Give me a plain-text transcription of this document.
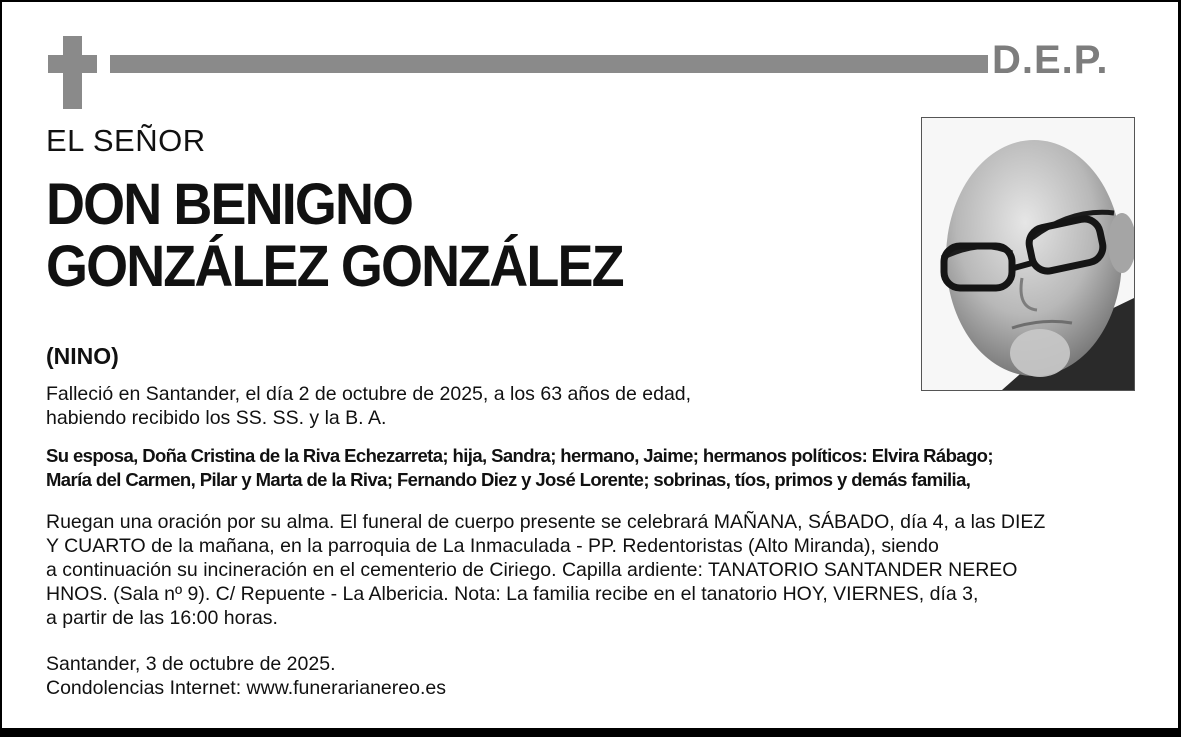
D.E.P.
EL SEÑOR
DON BENIGNO
GONZÁLEZ GONZÁLEZ
(NINO)
Falleció en Santander, el día 2 de octubre de 2025, a los 63 años de edad,
habiendo recibido los SS. SS. y la B. A.
Su esposa, Doña Cristina de la Riva Echezarreta; hija, Sandra; hermano, Jaime; hermanos políticos: Elvira Rábago;
María del Carmen, Pilar y Marta de la Riva; Fernando Diez y José Lorente; sobrinas, tíos, primos y demás familia,
Ruegan una oración por su alma. El funeral de cuerpo presente se celebrará MAÑANA, SÁBADO, día 4, a las DIEZ
Y CUARTO de la mañana, en la parroquia de La Inmaculada - PP. Redentoristas (Alto Miranda), siendo
a continuación su incineración en el cementerio de Ciriego. Capilla ardiente: TANATORIO SANTANDER NEREO
HNOS. (Sala nº 9). C/ Repuente - La Albericia. Nota: La familia recibe en el tanatorio HOY, VIERNES, día 3,
a partir de las 16:00 horas.
Santander, 3 de octubre de 2025.
Condolencias Internet: www.funerarianereo.es
